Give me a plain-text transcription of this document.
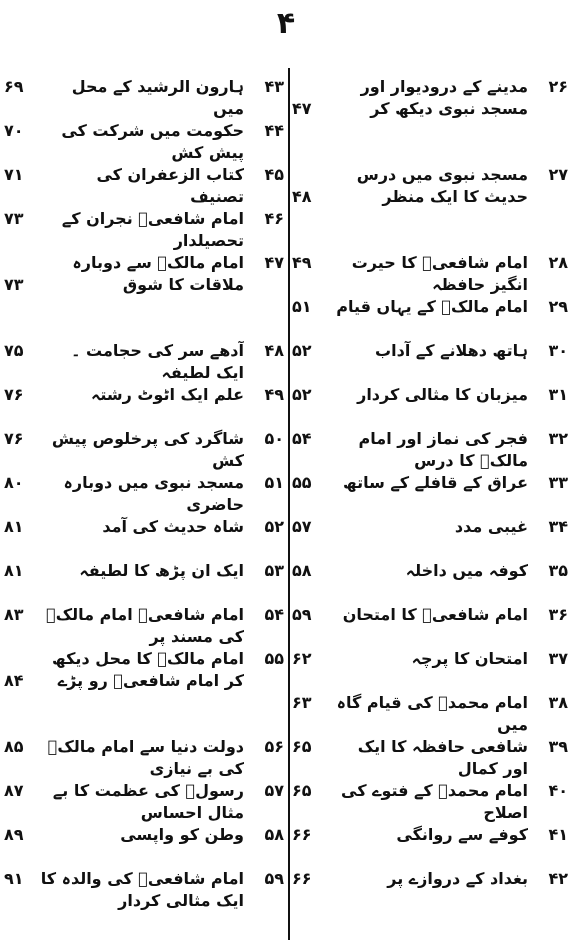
۴
۲۶
مدینے کے درودیوار اور مسجد نبوی دیکھ کر
۴۷
۲۷
مسجد نبوی میں درس حدیث کا ایک منظر
۴۸
۲۸
امام شافعیؒ کا حیرت انگیز حافظہ
۴۹
۲۹
امام مالکؒ کے یہاں قیام
۵۱
۳۰
ہاتھ دھلانے کے آداب
۵۲
۳۱
میزبان کا مثالی کردار
۵۲
۳۲
فجر کی نماز اور امام مالکؒ کا درس
۵۴
۳۳
عراق کے قافلے کے ساتھ
۵۵
۳۴
غیبی مدد
۵۷
۳۵
کوفہ میں داخلہ
۵۸
۳۶
امام شافعیؒ کا امتحان
۵۹
۳۷
امتحان کا پرچہ
۶۲
۳۸
امام محمدؒ کی قیام گاہ میں
۶۳
۳۹
شافعی حافظہ کا ایک اور کمال
۶۵
۴۰
امام محمدؒ کے فتوے کی اصلاح
۶۵
۴۱
کوفے سے روانگی
۶۶
۴۲
بغداد کے دروازے پر
۶۶
۴۳
ہارون الرشید کے محل میں
۶۹
۴۴
حکومت میں شرکت کی پیش کش
۷۰
۴۵
کتاب الزعفران کی تصنیف
۷۱
۴۶
امام شافعیؒ نجران کے تحصیلدار
۷۳
۴۷
امام مالکؒ سے دوبارہ ملاقات کا شوق
۷۳
۴۸
آدھے سر کی حجامت ۔ ایک لطیفہ
۷۵
۴۹
علم ایک اٹوٹ رشتہ
۷۶
۵۰
شاگرد کی پرخلوص پیش کش
۷۶
۵۱
مسجد نبوی میں دوبارہ حاضری
۸۰
۵۲
شاہ حدیث کی آمد
۸۱
۵۳
ایک ان پڑھ کا لطیفہ
۸۱
۵۴
امام شافعیؒ امام مالکؒ کی مسند پر
۸۳
۵۵
امام مالکؒ کا محل دیکھ کر امام شافعیؒ رو پڑے
۸۴
۵۶
دولت دنیا سے امام مالکؒ کی بے نیازی
۸۵
۵۷
رسولؐ کی عظمت کا بے مثال احساس
۸۷
۵۸
وطن کو واپسی
۸۹
۵۹
امام شافعیؒ کی والدہ کا ایک مثالی کردار
۹۱
